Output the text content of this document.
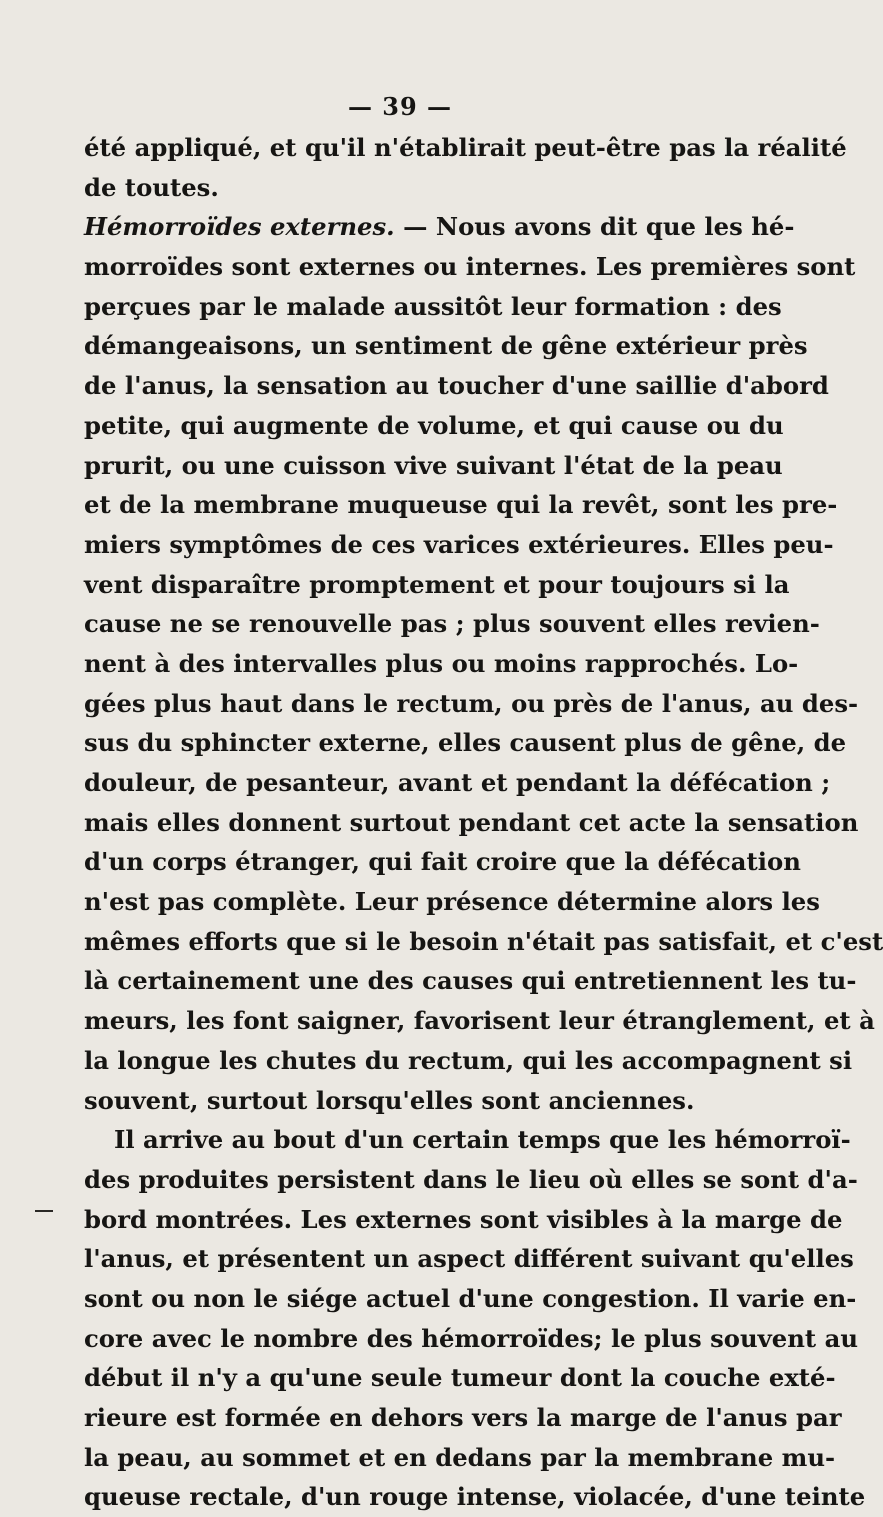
— 39 —
été appliqué, et qu'il n'établirait peut-être pas la réalité
de toutes.
Hémorroïdes externes. — Nous avons dit que les hé-
morroïdes sont externes ou internes. Les premières sont
perçues par le malade aussitôt leur formation : des
démangeaisons, un sentiment de gêne extérieur près
de l'anus, la sensation au toucher d'une saillie d'abord
petite, qui augmente de volume, et qui cause ou du
prurit, ou une cuisson vive suivant l'état de la peau
et de la membrane muqueuse qui la revêt, sont les pre-
miers symptômes de ces varices extérieures. Elles peu-
vent disparaître promptement et pour toujours si la
cause ne se renouvelle pas ; plus souvent elles revien-
nent à des intervalles plus ou moins rapprochés. Lo-
gées plus haut dans le rectum, ou près de l'anus, au des-
sus du sphincter externe, elles causent plus de gêne, de
douleur, de pesanteur, avant et pendant la défécation ;
mais elles donnent surtout pendant cet acte la sensation
d'un corps étranger, qui fait croire que la défécation
n'est pas complète. Leur présence détermine alors les
mêmes efforts que si le besoin n'était pas satisfait, et c'est
là certainement une des causes qui entretiennent les tu-
meurs, les font saigner, favorisent leur étranglement, et à
la longue les chutes du rectum, qui les accompagnent si
souvent, surtout lorsqu'elles sont anciennes.
Il arrive au bout d'un certain temps que les hémorroï-
des produites persistent dans le lieu où elles se sont d'a-
bord montrées. Les externes sont visibles à la marge de
l'anus, et présentent un aspect différent suivant qu'elles
sont ou non le siége actuel d'une congestion. Il varie en-
core avec le nombre des hémorroïdes; le plus souvent au
début il n'y a qu'une seule tumeur dont la couche exté-
rieure est formée en dehors vers la marge de l'anus par
la peau, au sommet et en dedans par la membrane mu-
queuse rectale, d'un rouge intense, violacée, d'une teinte
